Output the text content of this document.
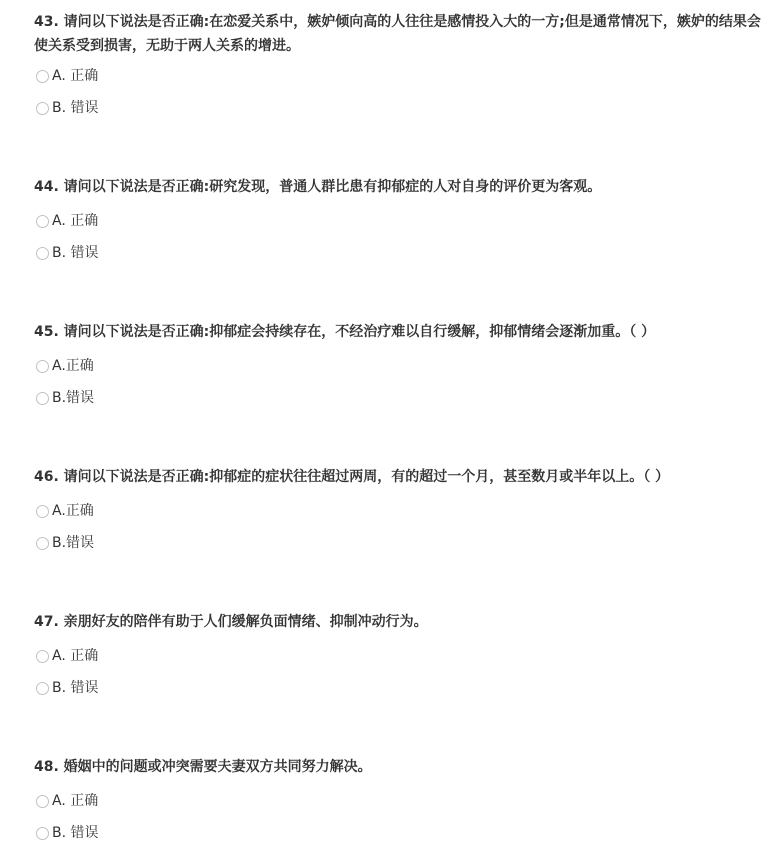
43. 请问以下说法是否正确:在恋爱关系中，嫉妒倾向高的人往往是感情投入大的一方;但是通常情况下，嫉妒的结果会使关系受到损害，无助于两人关系的增进。
A. 正确
B. 错误
44. 请问以下说法是否正确:研究发现，普通人群比患有抑郁症的人对自身的评价更为客观。
A. 正确
B. 错误
45. 请问以下说法是否正确:抑郁症会持续存在，不经治疗难以自行缓解，抑郁情绪会逐渐加重。（ ）
A.正确
B.错误
46. 请问以下说法是否正确:抑郁症的症状往往超过两周，有的超过一个月，甚至数月或半年以上。（ ）
A.正确
B.错误
47. 亲朋好友的陪伴有助于人们缓解负面情绪、抑制冲动行为。
A. 正确
B. 错误
48. 婚姻中的问题或冲突需要夫妻双方共同努力解决。
A. 正确
B. 错误
